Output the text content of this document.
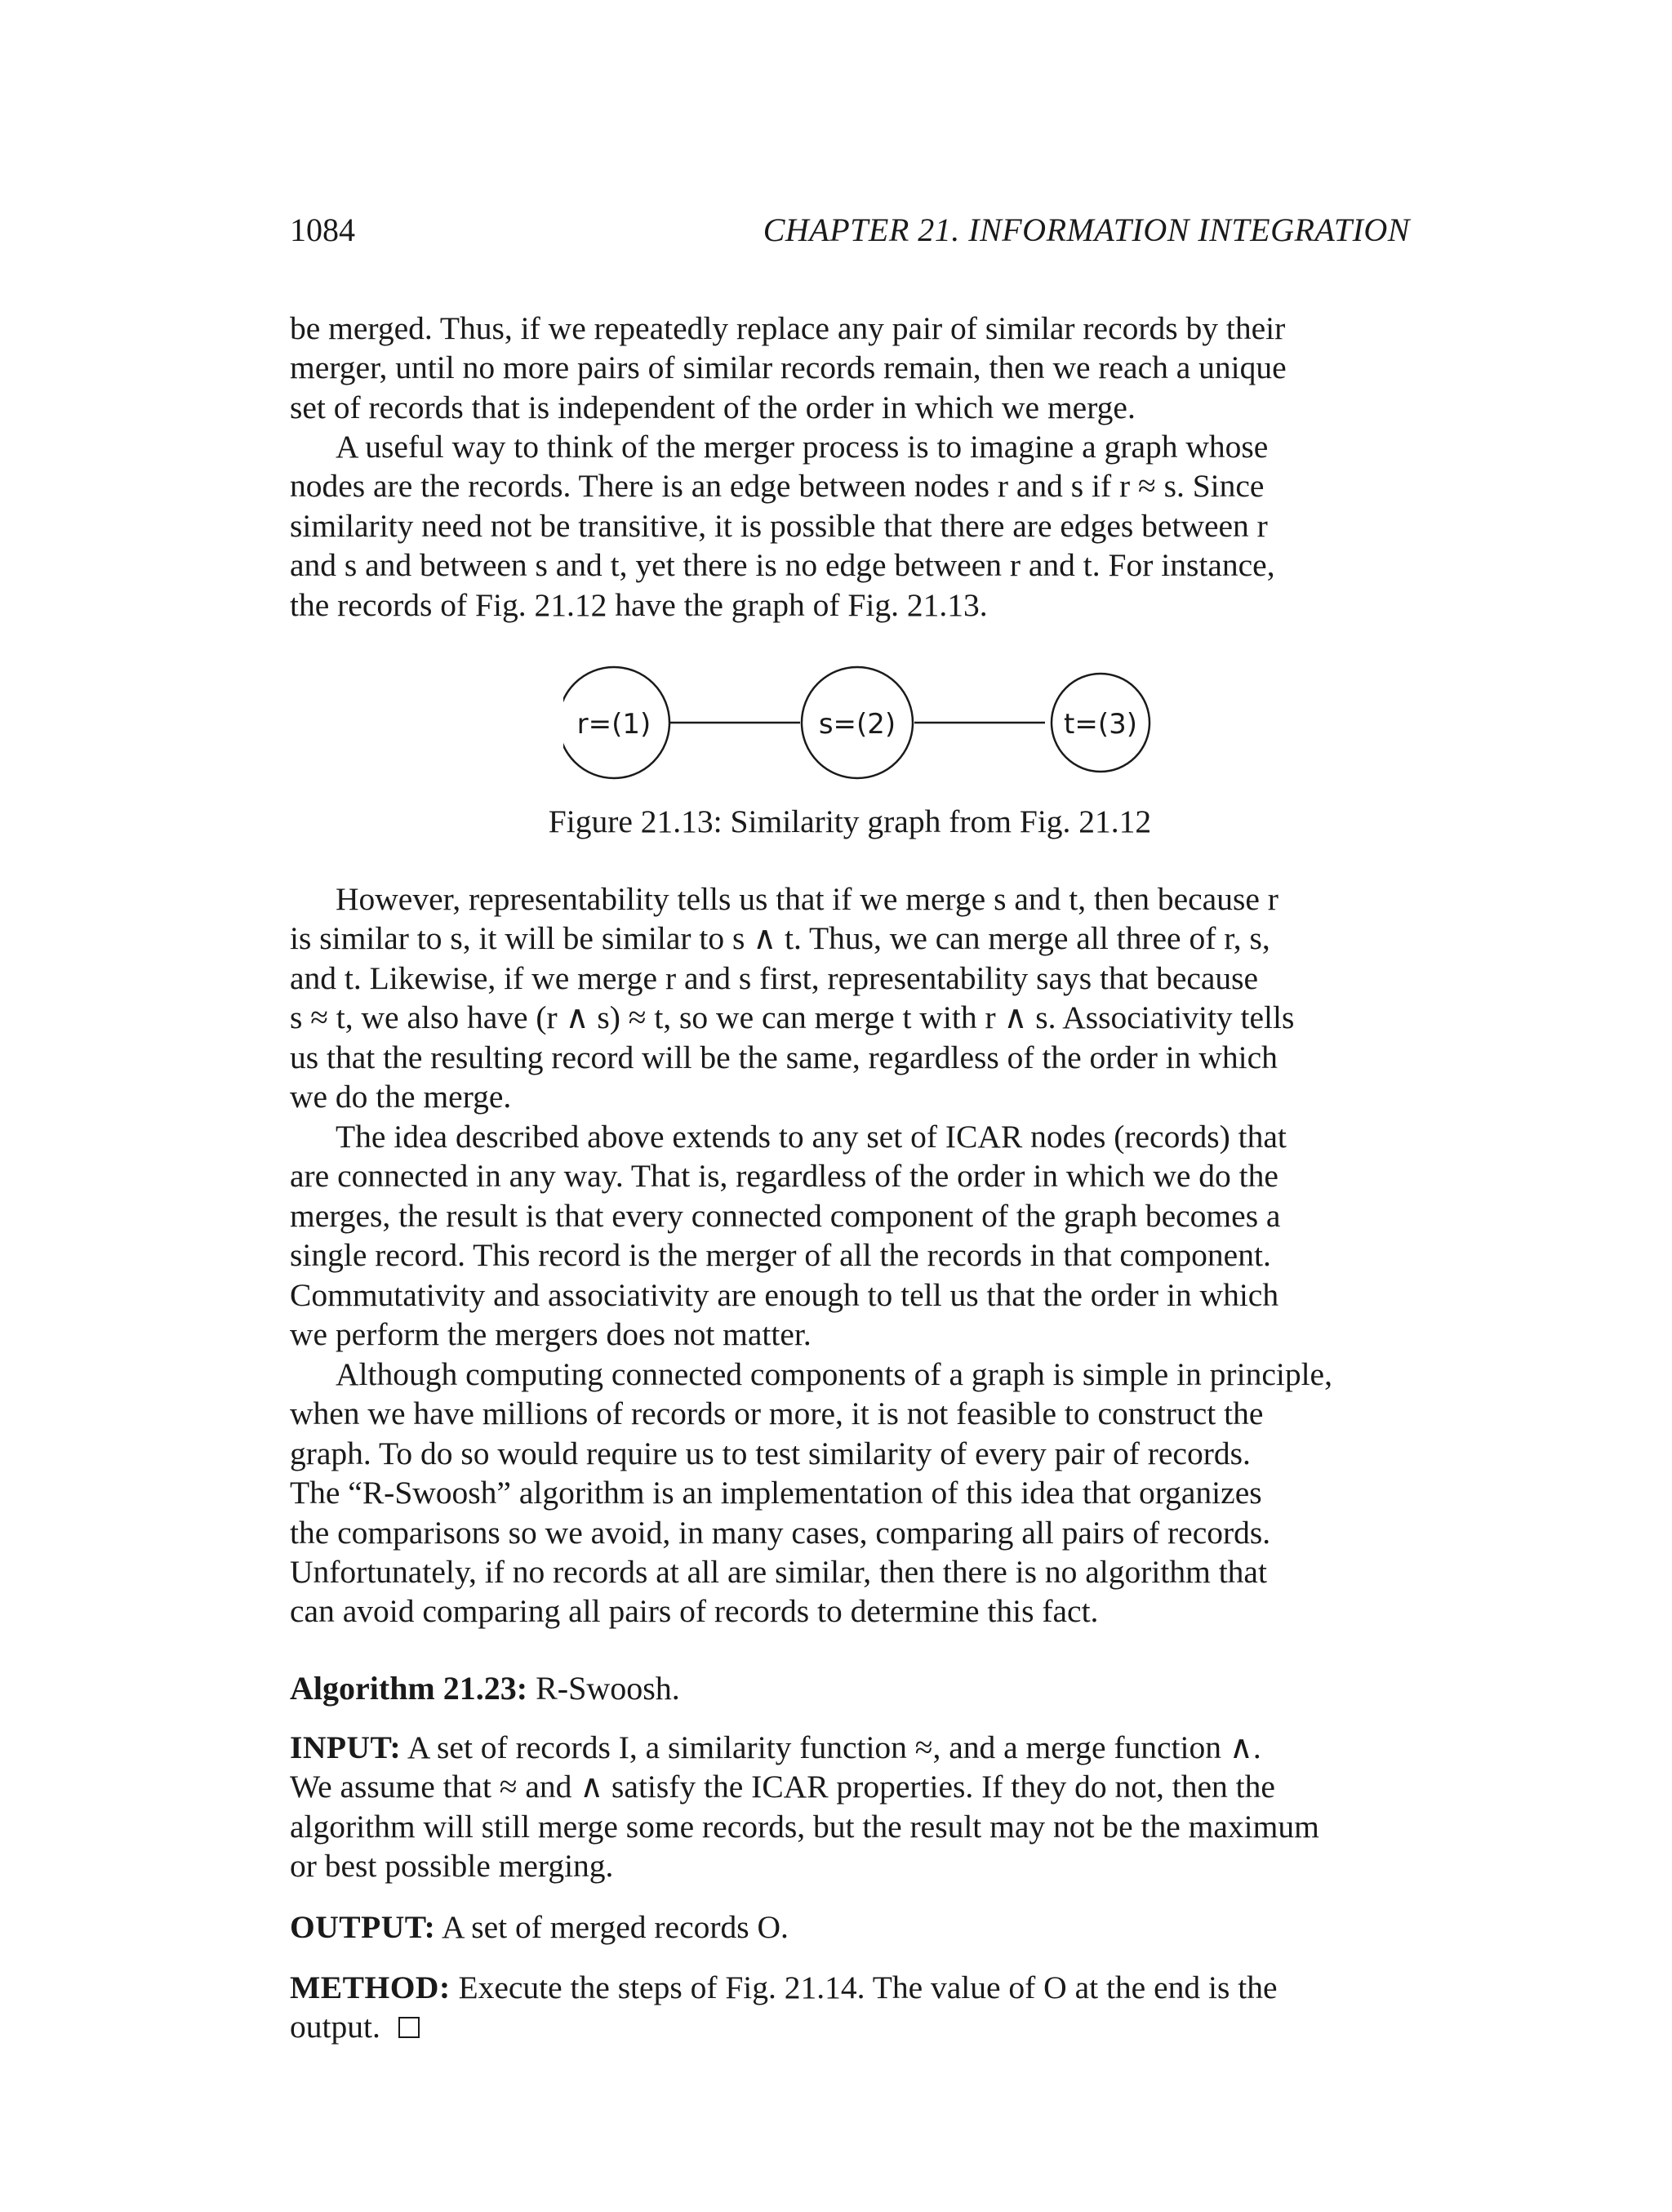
1084	CHAPTER 21. INFORMATION INTEGRATION
be merged. Thus, if we repeatedly replace any pair of similar records by their
merger, until no more pairs of similar records remain, then we reach a unique
set of records that is independent of the order in which we merge.
A useful way to think of the merger process is to imagine a graph whose
nodes are the records. There is an edge between nodes r and s if r ≈ s. Since
similarity need not be transitive, it is possible that there are edges between r
and s and between s and t, yet there is no edge between r and t. For instance,
the records of Fig. 21.12 have the graph of Fig. 21.13.
r=(1)	s=(2)	t=(3)
Figure 21.13: Similarity graph from Fig. 21.12
However, representability tells us that if we merge s and t, then because r
is similar to s, it will be similar to s ∧ t. Thus, we can merge all three of r, s,
and t. Likewise, if we merge r and s first, representability says that because
s ≈ t, we also have (r ∧ s) ≈ t, so we can merge t with r ∧ s. Associativity tells
us that the resulting record will be the same, regardless of the order in which
we do the merge.
The idea described above extends to any set of ICAR nodes (records) that
are connected in any way. That is, regardless of the order in which we do the
merges, the result is that every connected component of the graph becomes a
single record. This record is the merger of all the records in that component.
Commutativity and associativity are enough to tell us that the order in which
we perform the mergers does not matter.
Although computing connected components of a graph is simple in principle,
when we have millions of records or more, it is not feasible to construct the
graph. To do so would require us to test similarity of every pair of records.
The “R-Swoosh” algorithm is an implementation of this idea that organizes
the comparisons so we avoid, in many cases, comparing all pairs of records.
Unfortunately, if no records at all are similar, then there is no algorithm that
can avoid comparing all pairs of records to determine this fact.
Algorithm 21.23: R-Swoosh.
INPUT: A set of records I, a similarity function ≈, and a merge function ∧.
We assume that ≈ and ∧ satisfy the ICAR properties. If they do not, then the
algorithm will still merge some records, but the result may not be the maximum
or best possible merging.
OUTPUT: A set of merged records O.
METHOD: Execute the steps of Fig. 21.14. The value of O at the end is the
output.
